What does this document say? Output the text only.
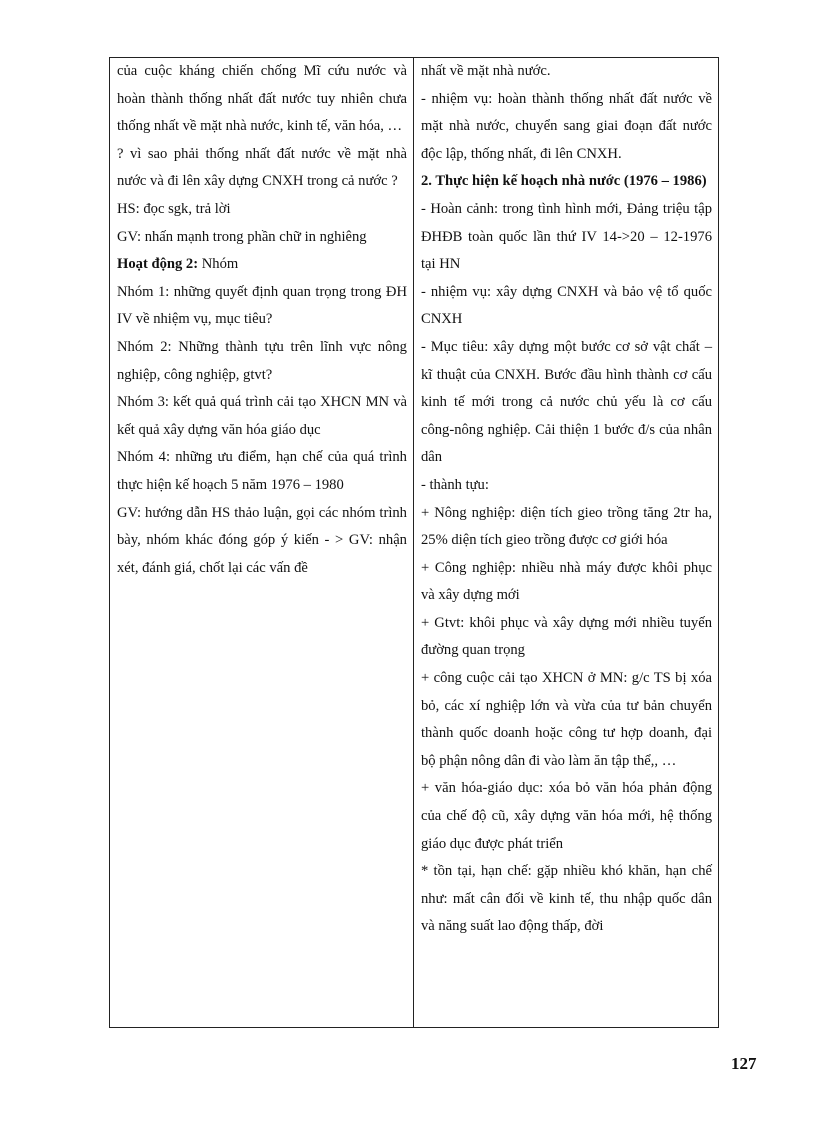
của cuộc kháng chiến chống Mĩ cứu nước và hoàn thành thống nhất đất nước tuy nhiên chưa thống nhất về mặt nhà nước, kinh tế, văn hóa, …

? vì sao phải thống nhất đất nước về mặt nhà nước và đi lên xây dựng CNXH trong cả nước ?

HS: đọc sgk, trả lời

GV: nhấn mạnh trong phần chữ in nghiêng

Hoạt động 2: Nhóm

Nhóm 1: những quyết định quan trọng trong ĐH IV về nhiệm vụ, mục tiêu?

Nhóm 2: Những thành tựu trên lĩnh vực nông nghiệp, công nghiệp, gtvt?

Nhóm 3: kết quả quá trình cải tạo XHCN MN và kết quả xây dựng văn hóa giáo dục

Nhóm 4: những ưu điểm, hạn chế của quá trình thực hiện kế hoạch 5 năm 1976 – 1980

GV: hướng dẫn HS thảo luận, gọi các nhóm trình bày, nhóm khác đóng góp ý kiến - > GV: nhận xét, đánh giá, chốt lại các vấn đề

nhất về mặt nhà nước.

- nhiệm vụ: hoàn thành thống nhất đất nước về mặt nhà nước, chuyển sang giai đoạn đất nước độc lập, thống nhất, đi lên CNXH.

2. Thực hiện kế hoạch nhà nước (1976 – 1986)

- Hoàn cảnh: trong tình hình mới, Đảng triệu tập ĐHĐB toàn quốc lần thứ IV 14->20 – 12-1976 tại HN

- nhiệm vụ: xây dựng CNXH và bảo vệ tổ quốc CNXH

- Mục tiêu: xây dựng một bước cơ sở vật chất – kĩ thuật của CNXH. Bước đầu hình thành cơ cấu kinh tế mới trong cả nước chủ yếu là cơ cấu công-nông nghiệp. Cải thiện 1 bước đ/s của nhân dân

- thành tựu:

+ Nông nghiệp: diện tích gieo trồng tăng 2tr ha, 25% diện tích gieo trồng được cơ giới hóa

+ Công nghiệp: nhiều nhà máy được khôi phục và xây dựng mới

+ Gtvt: khôi phục và xây dựng mới nhiều tuyến đường quan trọng

+ công cuộc cải tạo XHCN ở MN: g/c TS bị xóa bỏ, các xí nghiệp lớn và vừa của tư bản chuyển thành quốc doanh hoặc công tư hợp doanh, đại bộ phận nông dân đi vào làm ăn tập thể,, …

+ văn hóa-giáo dục: xóa bỏ văn hóa phản động của chế độ cũ, xây dựng văn hóa mới, hệ thống giáo dục được phát triển

* tồn tại, hạn chế: gặp nhiều khó khăn, hạn chế như: mất cân đối về kinh tế, thu nhập quốc dân và năng suất lao động thấp, đời

127
